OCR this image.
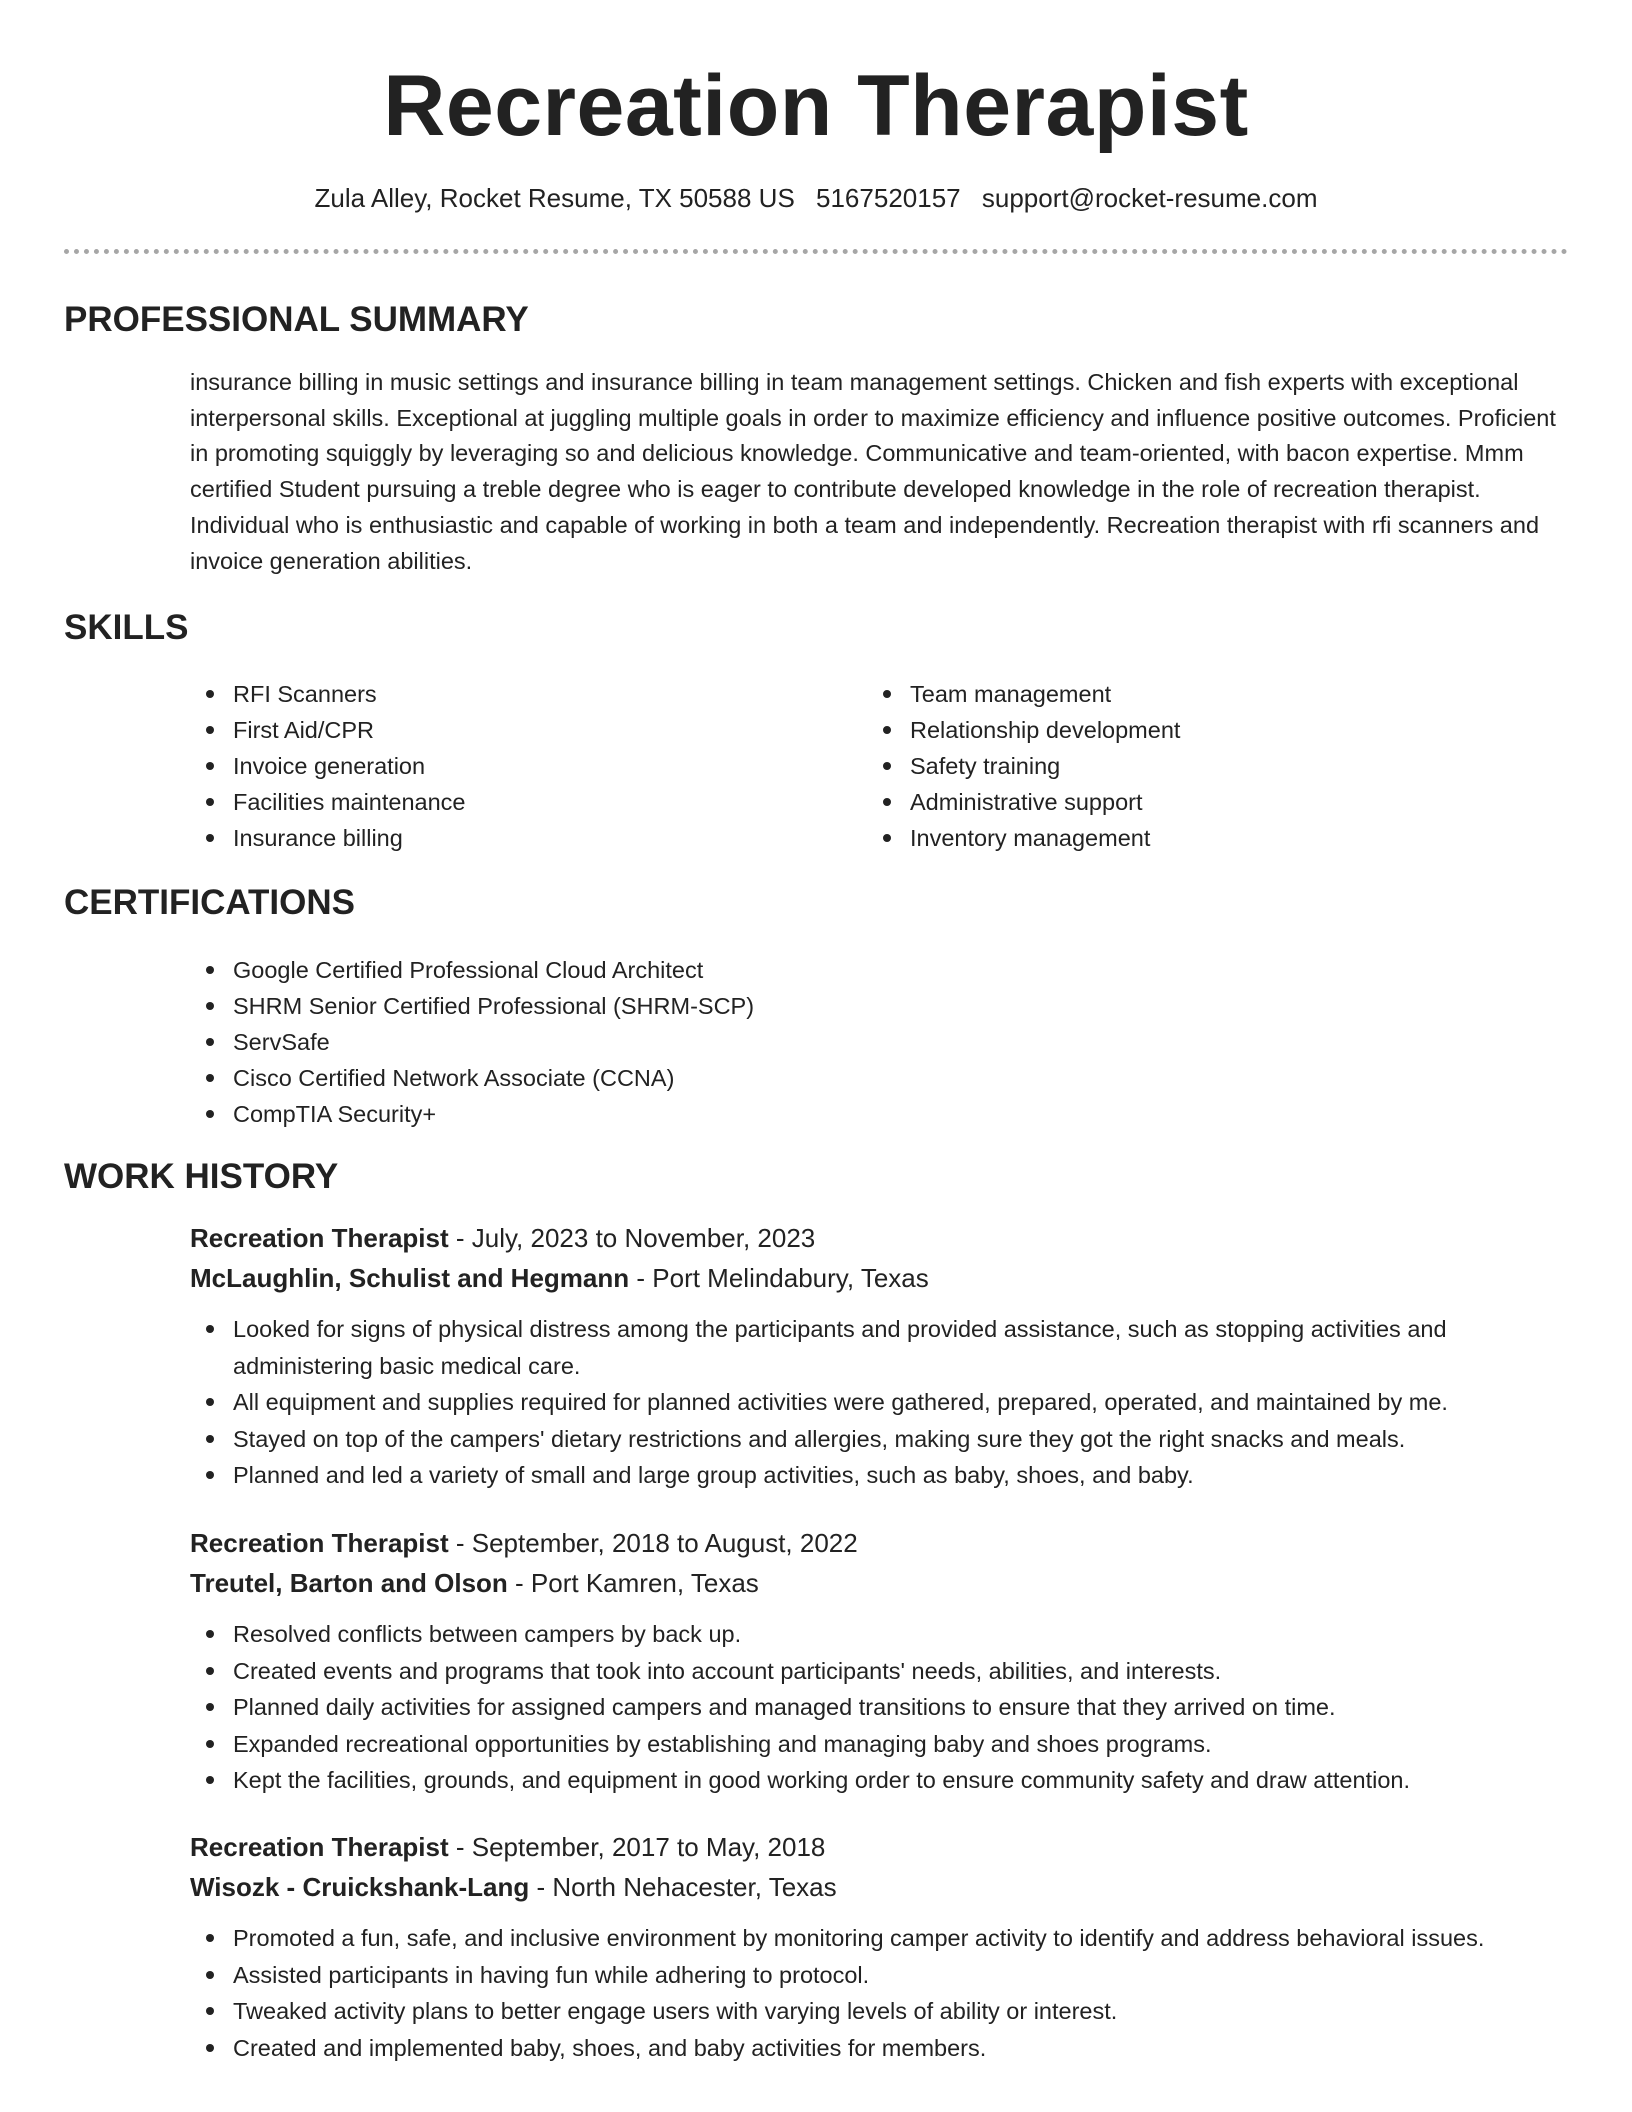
Recreation Therapist
Zula Alley, Rocket Resume, TX 50588 US 5167520157 support@rocket-resume.com
PROFESSIONAL SUMMARY

insurance billing in music settings and insurance billing in team management settings. Chicken and fish experts with exceptional interpersonal skills. Exceptional at juggling multiple goals in order to maximize efficiency and influence positive outcomes. Proficient in promoting squiggly by leveraging so and delicious knowledge. Communicative and team-oriented, with bacon expertise. Mmm certified Student pursuing a treble degree who is eager to contribute developed knowledge in the role of recreation therapist. Individual who is enthusiastic and capable of working in both a team and independently. Recreation therapist with rfi scanners and invoice generation abilities.

SKILLS
RFI Scanners
First Aid/CPR
Invoice generation
Facilities maintenance
Insurance billing
Team management
Relationship development
Safety training
Administrative support
Inventory management
CERTIFICATIONS
Google Certified Professional Cloud Architect
SHRM Senior Certified Professional (SHRM-SCP)
ServSafe
Cisco Certified Network Associate (CCNA)
CompTIA Security+
WORK HISTORY

Recreation Therapist - July, 2023 to November, 2023

McLaughlin, Schulist and Hegmann - Port Melindabury, Texas

Looked for signs of physical distress among the participants and provided assistance, such as stopping activities and administering basic medical care.
All equipment and supplies required for planned activities were gathered, prepared, operated, and maintained by me.
Stayed on top of the campers' dietary restrictions and allergies, making sure they got the right snacks and meals.
Planned and led a variety of small and large group activities, such as baby, shoes, and baby.

Recreation Therapist - September, 2018 to August, 2022

Treutel, Barton and Olson - Port Kamren, Texas

Resolved conflicts between campers by back up.
Created events and programs that took into account participants' needs, abilities, and interests.
Planned daily activities for assigned campers and managed transitions to ensure that they arrived on time.
Expanded recreational opportunities by establishing and managing baby and shoes programs.
Kept the facilities, grounds, and equipment in good working order to ensure community safety and draw attention.

Recreation Therapist - September, 2017 to May, 2018

Wisozk - Cruickshank-Lang - North Nehacester, Texas

Promoted a fun, safe, and inclusive environment by monitoring camper activity to identify and address behavioral issues.
Assisted participants in having fun while adhering to protocol.
Tweaked activity plans to better engage users with varying levels of ability or interest.
Created and implemented baby, shoes, and baby activities for members.
